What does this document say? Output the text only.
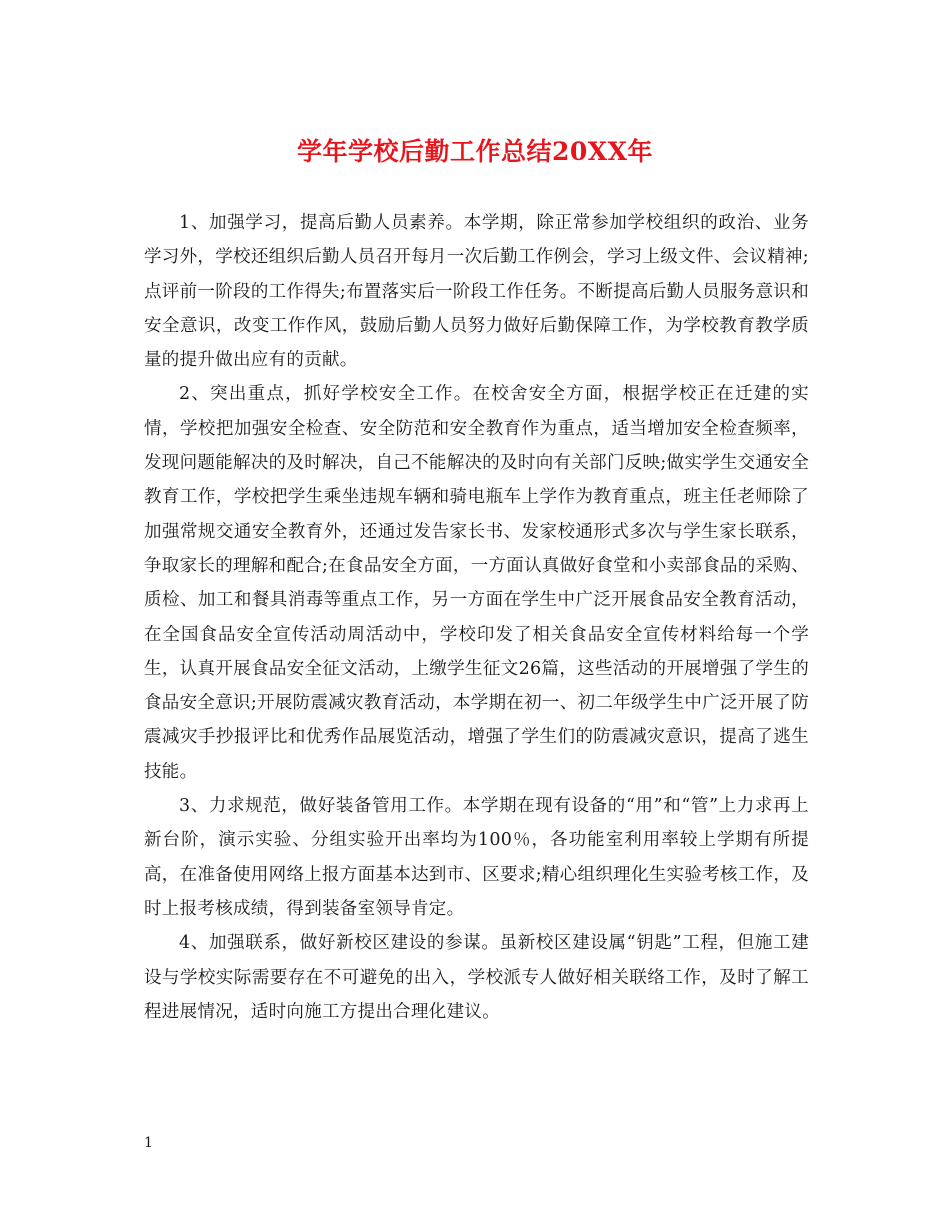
学年学校后勤工作总结20XX年

1、加强学习，提高后勤人员素养。本学期，除正常参加学校组织的政治、业务学习外，学校还组织后勤人员召开每月一次后勤工作例会，学习上级文件、会议精神;点评前一阶段的工作得失;布置落实后一阶段工作任务。不断提高后勤人员服务意识和安全意识，改变工作作风，鼓励后勤人员努力做好后勤保障工作，为学校教育教学质量的提升做出应有的贡献。

2、突出重点，抓好学校安全工作。在校舍安全方面，根据学校正在迁建的实情，学校把加强安全检查、安全防范和安全教育作为重点，适当增加安全检查频率，发现问题能解决的及时解决，自己不能解决的及时向有关部门反映;做实学生交通安全教育工作，学校把学生乘坐违规车辆和骑电瓶车上学作为教育重点，班主任老师除了加强常规交通安全教育外，还通过发告家长书、发家校通形式多次与学生家长联系，争取家长的理解和配合;在食品安全方面，一方面认真做好食堂和小卖部食品的采购、质检、加工和餐具消毒等重点工作，另一方面在学生中广泛开展食品安全教育活动，在全国食品安全宣传活动周活动中，学校印发了相关食品安全宣传材料给每一个学生，认真开展食品安全征文活动，上缴学生征文26篇，这些活动的开展增强了学生的食品安全意识;开展防震减灾教育活动，本学期在初一、初二年级学生中广泛开展了防震减灾手抄报评比和优秀作品展览活动，增强了学生们的防震减灾意识，提高了逃生技能。

3、力求规范，做好装备管用工作。本学期在现有设备的“用”和“管”上力求再上新台阶，演示实验、分组实验开出率均为100％，各功能室利用率较上学期有所提高，在准备使用网络上报方面基本达到市、区要求;精心组织理化生实验考核工作，及时上报考核成绩，得到装备室领导肯定。

4、加强联系，做好新校区建设的参谋。虽新校区建设属“钥匙”工程，但施工建设与学校实际需要存在不可避免的出入，学校派专人做好相关联络工作，及时了解工程进展情况，适时向施工方提出合理化建议。

1
